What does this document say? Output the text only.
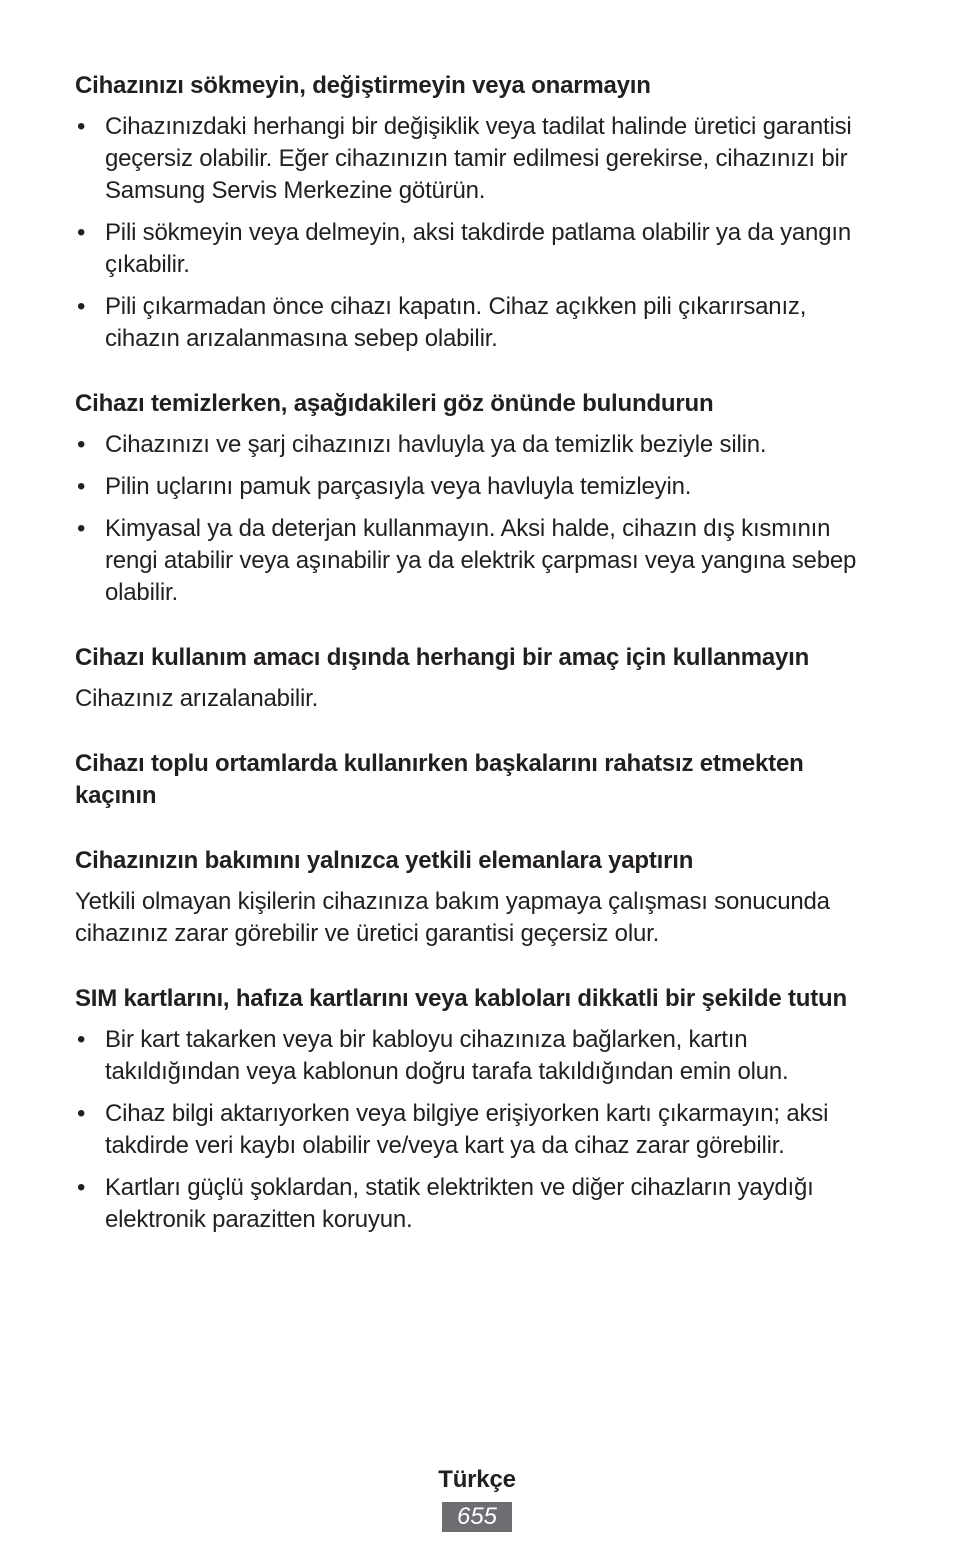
Cihazınızı sökmeyin, değiştirmeyin veya onarmayın
• Cihazınızdaki herhangi bir değişiklik veya tadilat halinde üretici garantisi geçersiz olabilir. Eğer cihazınızın tamir edilmesi gerekirse, cihazınızı bir Samsung Servis Merkezine götürün.
• Pili sökmeyin veya delmeyin, aksi takdirde patlama olabilir ya da yangın çıkabilir.
• Pili çıkarmadan önce cihazı kapatın. Cihaz açıkken pili çıkarırsanız, cihazın arızalanmasına sebep olabilir.
Cihazı temizlerken, aşağıdakileri göz önünde bulundurun
• Cihazınızı ve şarj cihazınızı havluyla ya da temizlik beziyle silin.
• Pilin uçlarını pamuk parçasıyla veya havluyla temizleyin.
• Kimyasal ya da deterjan kullanmayın. Aksi halde, cihazın dış kısmının rengi atabilir veya aşınabilir ya da elektrik çarpması veya yangına sebep olabilir.
Cihazı kullanım amacı dışında herhangi bir amaç için kullanmayın

Cihazınız arızalanabilir.

Cihazı toplu ortamlarda kullanırken başkalarını rahatsız etmekten kaçının
Cihazınızın bakımını yalnızca yetkili elemanlara yaptırın

Yetkili olmayan kişilerin cihazınıza bakım yapmaya çalışması sonucunda cihazınız zarar görebilir ve üretici garantisi geçersiz olur.

SIM kartlarını, hafıza kartlarını veya kabloları dikkatli bir şekilde tutun
• Bir kart takarken veya bir kabloyu cihazınıza bağlarken, kartın takıldığından veya kablonun doğru tarafa takıldığından emin olun.
• Cihaz bilgi aktarıyorken veya bilgiye erişiyorken kartı çıkarmayın; aksi takdirde veri kaybı olabilir ve/veya kart ya da cihaz zarar görebilir.
• Kartları güçlü şoklardan, statik elektrikten ve diğer cihazların yaydığı elektronik parazitten koruyun.
Türkçe
655
